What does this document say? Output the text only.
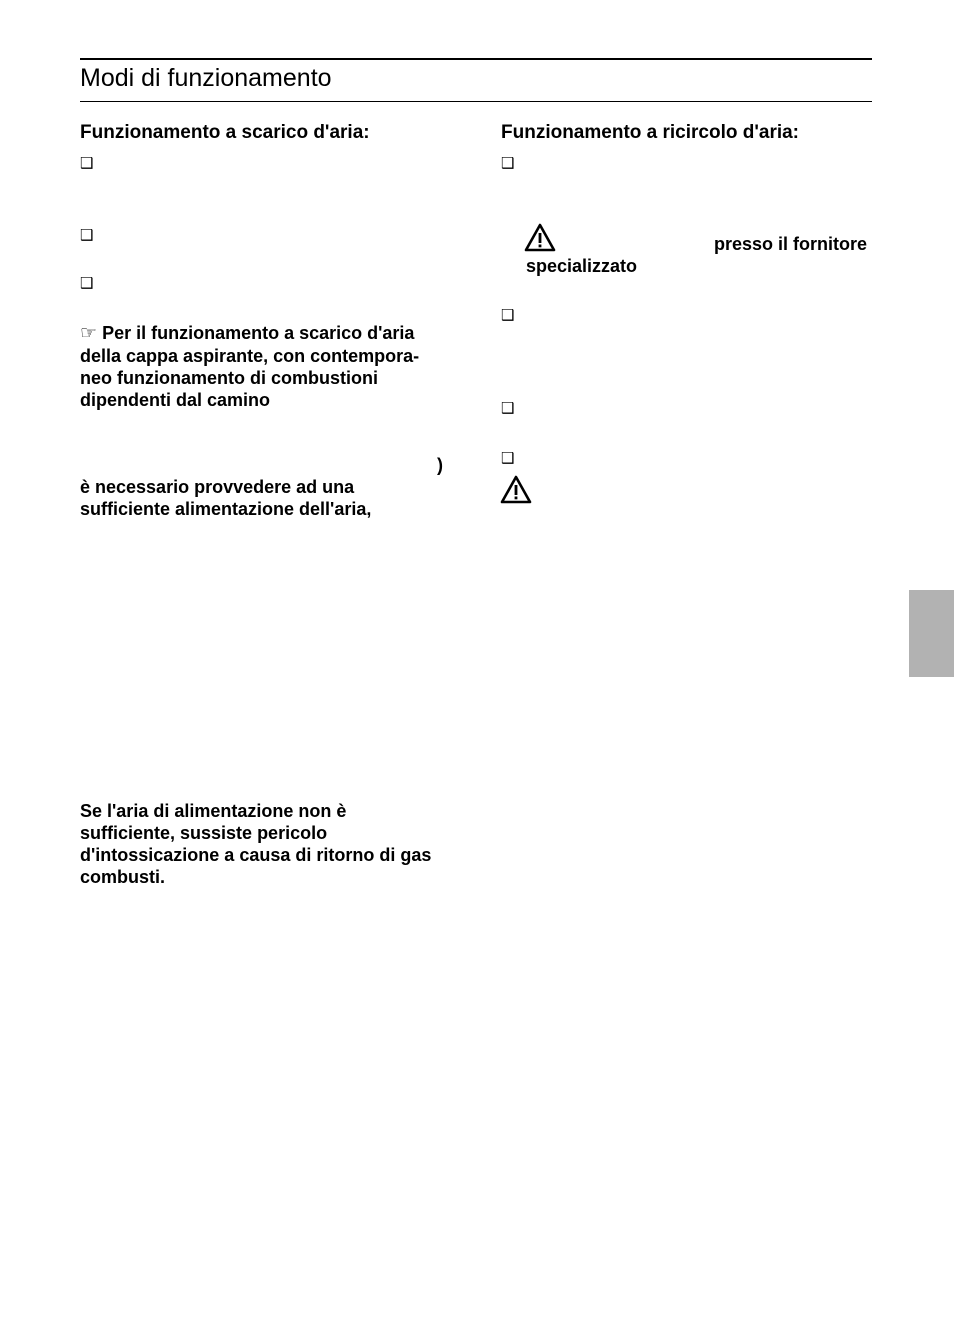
Modi di funzionamento
Funzionamento a scarico d'aria:
❑
❑
❑
☞ Per il funzionamento a scarico d'aria
della cappa aspirante, con contempora-
neo funzionamento di combustioni
dipendenti dal camino
)
è necessario provvedere ad una
sufficiente alimentazione dell'aria,
Se l'aria di alimentazione non è
sufficiente, sussiste pericolo
d'intossicazione a causa di ritorno di gas
combusti.
Funzionamento a ricircolo d'aria:
❑
presso il fornitore
specializzato
❑
❑
❑
